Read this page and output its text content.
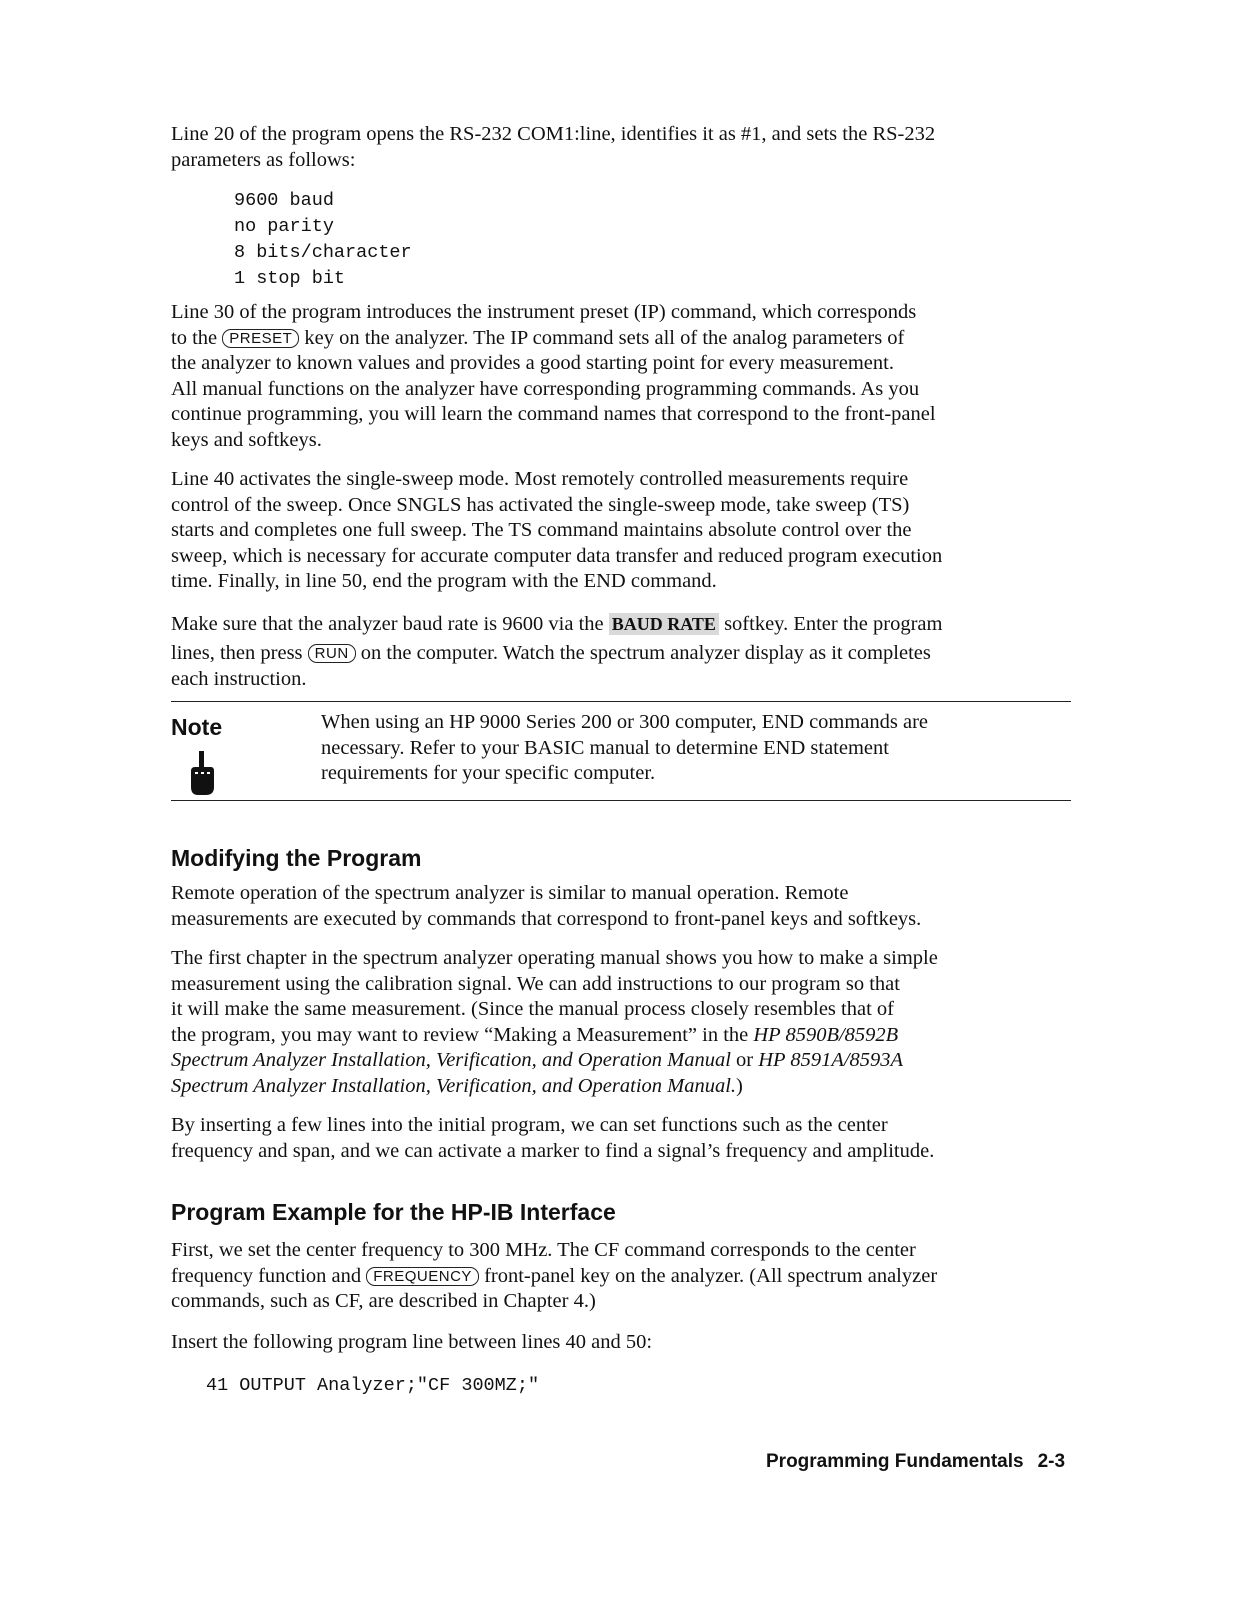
Line 20 of the program opens the RS-232 COM1:line, identifies it as #1, and sets the RS-232

parameters as follows:

9600 baud

no parity

8 bits/character

1 stop bit

Line 30 of the program introduces the instrument preset (IP) command, which corresponds

to the PRESET key on the analyzer. The IP command sets all of the analog parameters of

the analyzer to known values and provides a good starting point for every measurement.

All manual functions on the analyzer have corresponding programming commands. As you

continue programming, you will learn the command names that correspond to the front-panel

keys and softkeys.

Line 40 activates the single-sweep mode. Most remotely controlled measurements require

control of the sweep. Once SNGLS has activated the single-sweep mode, take sweep (TS)

starts and completes one full sweep. The TS command maintains absolute control over the

sweep, which is necessary for accurate computer data transfer and reduced program execution

time. Finally, in line 50, end the program with the END command.

Make sure that the analyzer baud rate is 9600 via the BAUD RATE softkey. Enter the program

lines, then press RUN on the computer. Watch the spectrum analyzer display as it completes

each instruction.

Note	When using an HP 9000 Series 200 or 300 computer, END commands are

necessary. Refer to your BASIC manual to determine END statement

requirements for your specific computer.

Modifying the Program

Remote operation of the spectrum analyzer is similar to manual operation. Remote

measurements are executed by commands that correspond to front-panel keys and softkeys.

The first chapter in the spectrum analyzer operating manual shows you how to make a simple

measurement using the calibration signal. We can add instructions to our program so that

it will make the same measurement. (Since the manual process closely resembles that of

the program, you may want to review “Making a Measurement” in the HP 8590B/8592B

Spectrum Analyzer Installation, Verification, and Operation Manual or HP 8591A/8593A

Spectrum Analyzer Installation, Verification, and Operation Manual.)

By inserting a few lines into the initial program, we can set functions such as the center

frequency and span, and we can activate a marker to find a signal’s frequency and amplitude.

Program Example for the HP-IB Interface

First, we set the center frequency to 300 MHz. The CF command corresponds to the center

frequency function and FREQUENCY front-panel key on the analyzer. (All spectrum analyzer

commands, such as CF, are described in Chapter 4.)

Insert the following program line between lines 40 and 50:

41 OUTPUT Analyzer;"CF 300MZ;"

Programming Fundamentals 2-3
